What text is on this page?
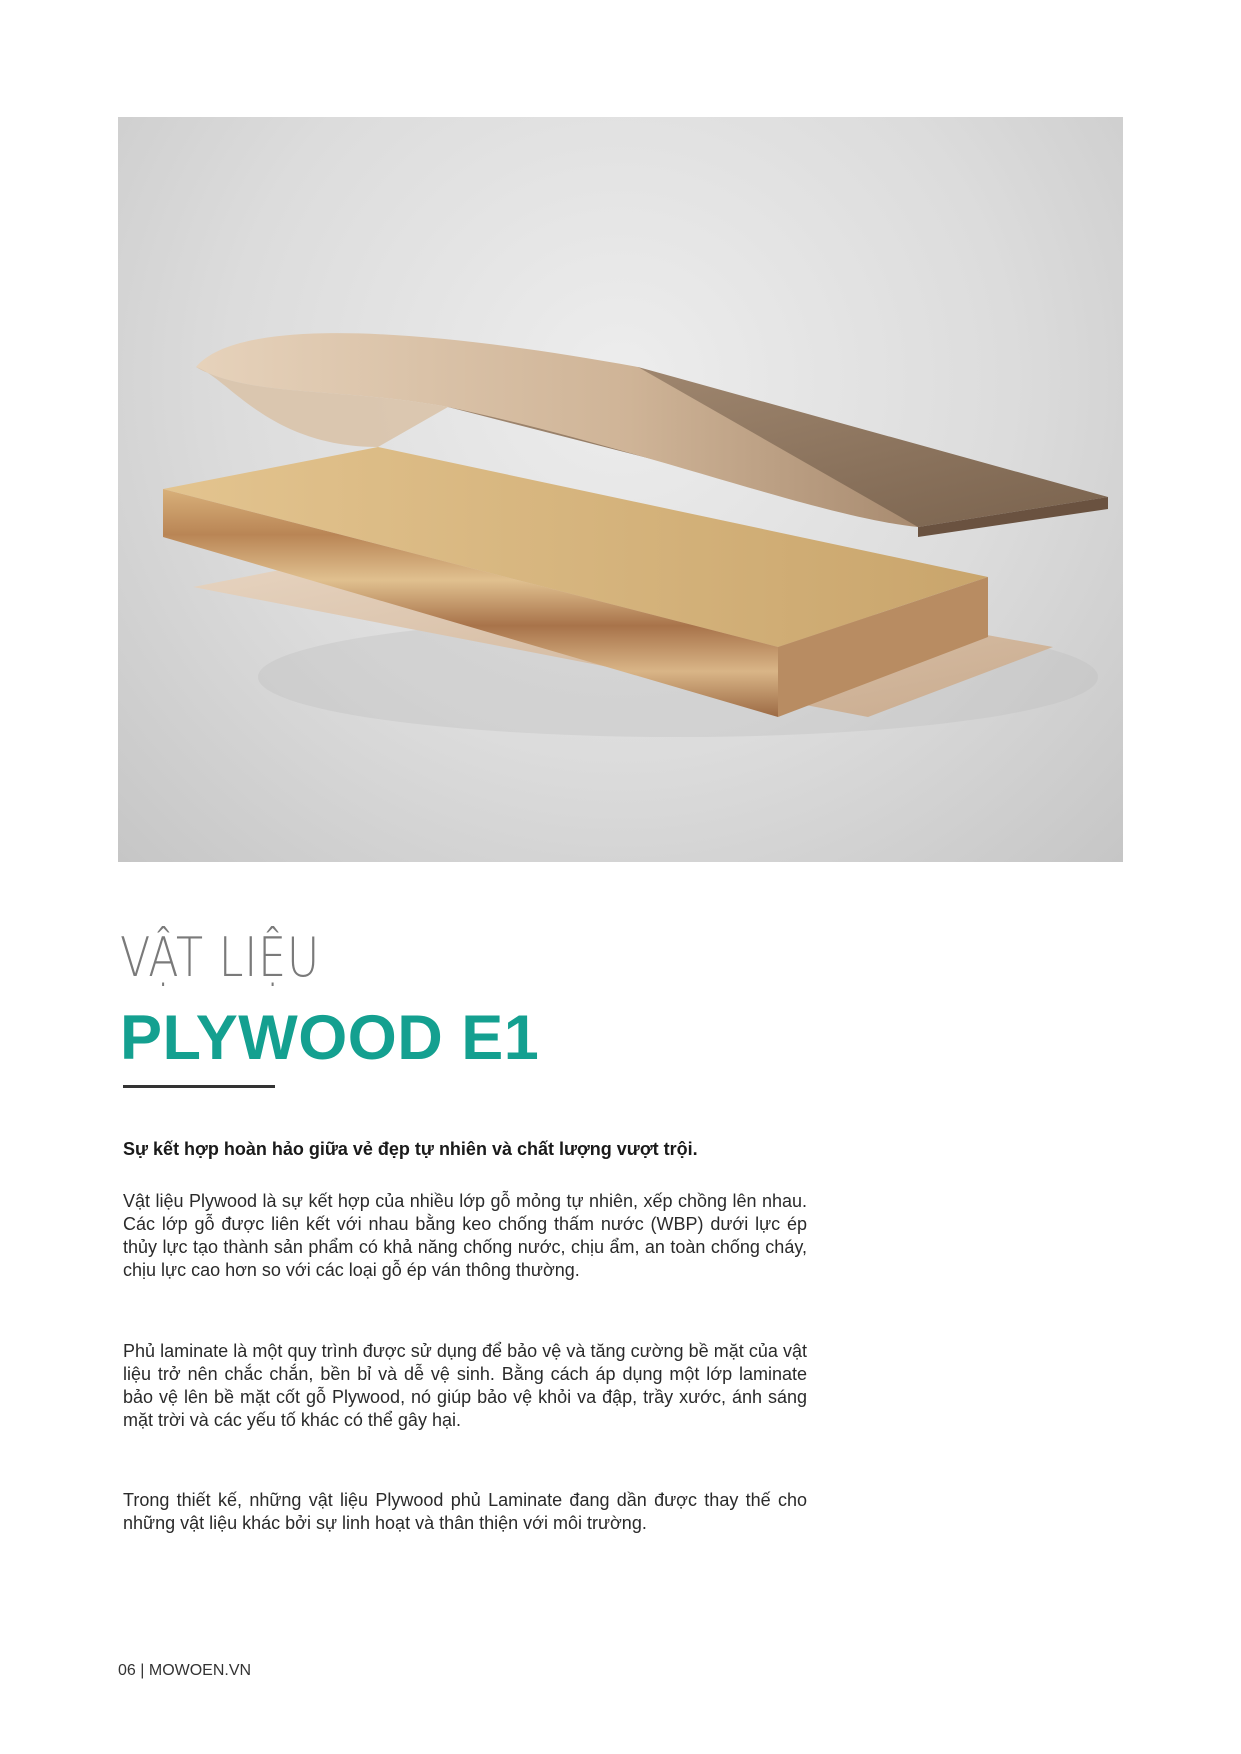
VẬT LIỆU
PLYWOOD E1

Sự kết hợp hoàn hảo giữa vẻ đẹp tự nhiên và chất lượng vượt trội.

Vật liệu Plywood là sự kết hợp của nhiều lớp gỗ mỏng tự nhiên, xếp chồng lên nhau. Các lớp gỗ được liên kết với nhau bằng keo chống thấm nước (WBP) dưới lực ép thủy lực tạo thành sản phẩm có khả năng chống nước, chịu ẩm, an toàn chống cháy, chịu lực cao hơn so với các loại gỗ ép ván thông thường.

Phủ laminate là một quy trình được sử dụng để bảo vệ và tăng cường bề mặt của vật liệu trở nên chắc chắn, bền bỉ và dễ vệ sinh. Bằng cách áp dụng một lớp laminate bảo vệ lên bề mặt cốt gỗ Plywood, nó giúp bảo vệ khỏi va đập, trầy xước, ánh sáng mặt trời và các yếu tố khác có thể gây hại.

Trong thiết kế, những vật liệu Plywood phủ Laminate đang dần được thay thế cho những vật liệu khác bởi sự linh hoạt và thân thiện với môi trường.

06 | MOWOEN.VN
